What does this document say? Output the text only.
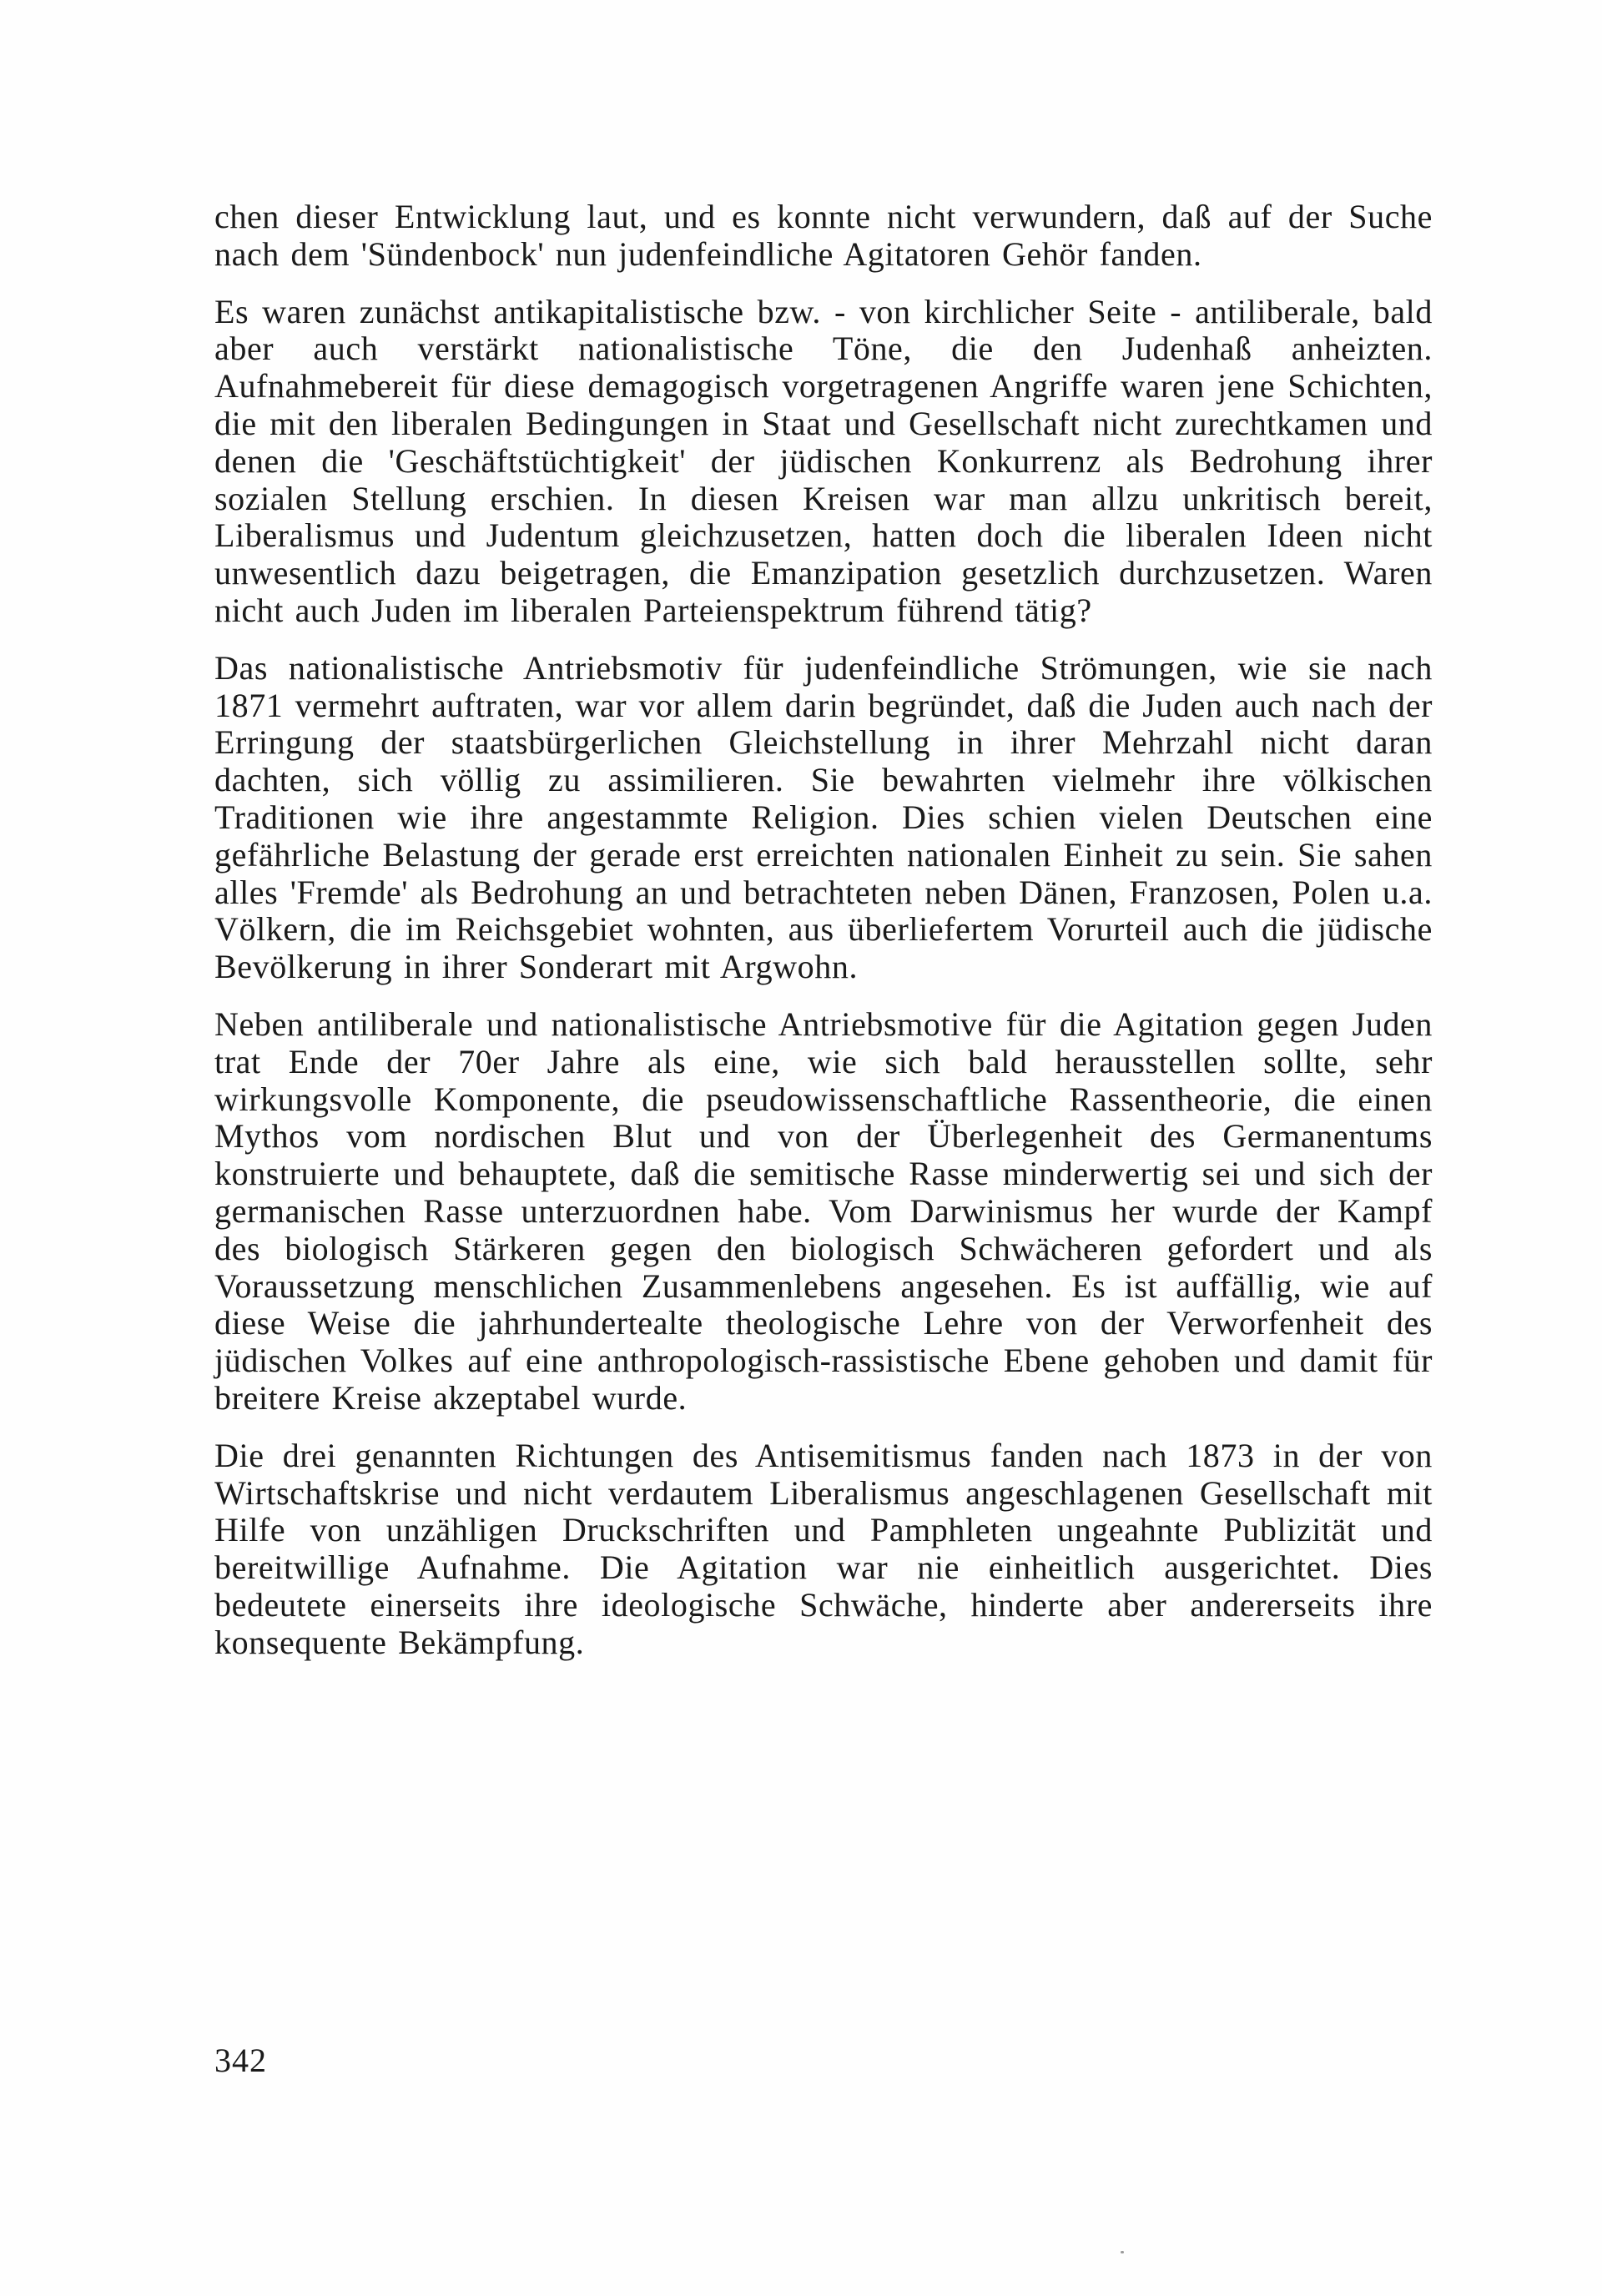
chen dieser Entwicklung laut, und es konnte nicht verwundern, daß auf der Suche nach dem 'Sündenbock' nun judenfeindliche Agitatoren Gehör fanden.

Es waren zunächst antikapitalistische bzw. - von kirchlicher Seite - antiliberale, bald aber auch verstärkt nationalistische Töne, die den Judenhaß anheizten. Aufnahmebereit für diese demagogisch vorgetragenen Angriffe waren jene Schichten, die mit den liberalen Bedingungen in Staat und Gesellschaft nicht zurechtkamen und denen die 'Geschäftstüchtigkeit' der jüdischen Konkurrenz als Bedrohung ihrer sozialen Stellung erschien. In diesen Kreisen war man allzu unkritisch bereit, Liberalismus und Judentum gleichzusetzen, hatten doch die liberalen Ideen nicht unwesentlich dazu beigetragen, die Emanzipation gesetzlich durchzusetzen. Waren nicht auch Juden im liberalen Parteienspektrum führend tätig?

Das nationalistische Antriebsmotiv für judenfeindliche Strömungen, wie sie nach 1871 vermehrt auftraten, war vor allem darin begründet, daß die Juden auch nach der Erringung der staatsbürgerlichen Gleichstellung in ihrer Mehrzahl nicht daran dachten, sich völlig zu assimilieren. Sie bewahrten vielmehr ihre völkischen Traditionen wie ihre angestammte Religion. Dies schien vielen Deutschen eine gefährliche Belastung der gerade erst erreichten nationalen Einheit zu sein. Sie sahen alles 'Fremde' als Bedrohung an und betrachteten neben Dänen, Franzosen, Polen u.a. Völkern, die im Reichsgebiet wohnten, aus überliefertem Vorurteil auch die jüdische Bevölkerung in ihrer Sonderart mit Argwohn.

Neben antiliberale und nationalistische Antriebsmotive für die Agitation gegen Juden trat Ende der 70er Jahre als eine, wie sich bald herausstellen sollte, sehr wirkungsvolle Komponente, die pseudowissenschaftliche Rassentheorie, die einen Mythos vom nordischen Blut und von der Überlegenheit des Germanentums konstruierte und behauptete, daß die semitische Rasse minderwertig sei und sich der germanischen Rasse unterzuordnen habe. Vom Darwinismus her wurde der Kampf des biologisch Stärkeren gegen den biologisch Schwächeren gefordert und als Voraussetzung menschlichen Zusammenlebens angesehen. Es ist auffällig, wie auf diese Weise die jahrhundertealte theologische Lehre von der Verworfenheit des jüdischen Volkes auf eine anthropologisch-rassistische Ebene gehoben und damit für breitere Kreise akzeptabel wurde.

Die drei genannten Richtungen des Antisemitismus fanden nach 1873 in der von Wirtschaftskrise und nicht verdautem Liberalismus angeschlagenen Gesellschaft mit Hilfe von unzähligen Druckschriften und Pamphleten ungeahnte Publizität und bereitwillige Aufnahme. Die Agitation war nie einheitlich ausgerichtet. Dies bedeutete einerseits ihre ideologische Schwäche, hinderte aber andererseits ihre konsequente Bekämpfung.

342
